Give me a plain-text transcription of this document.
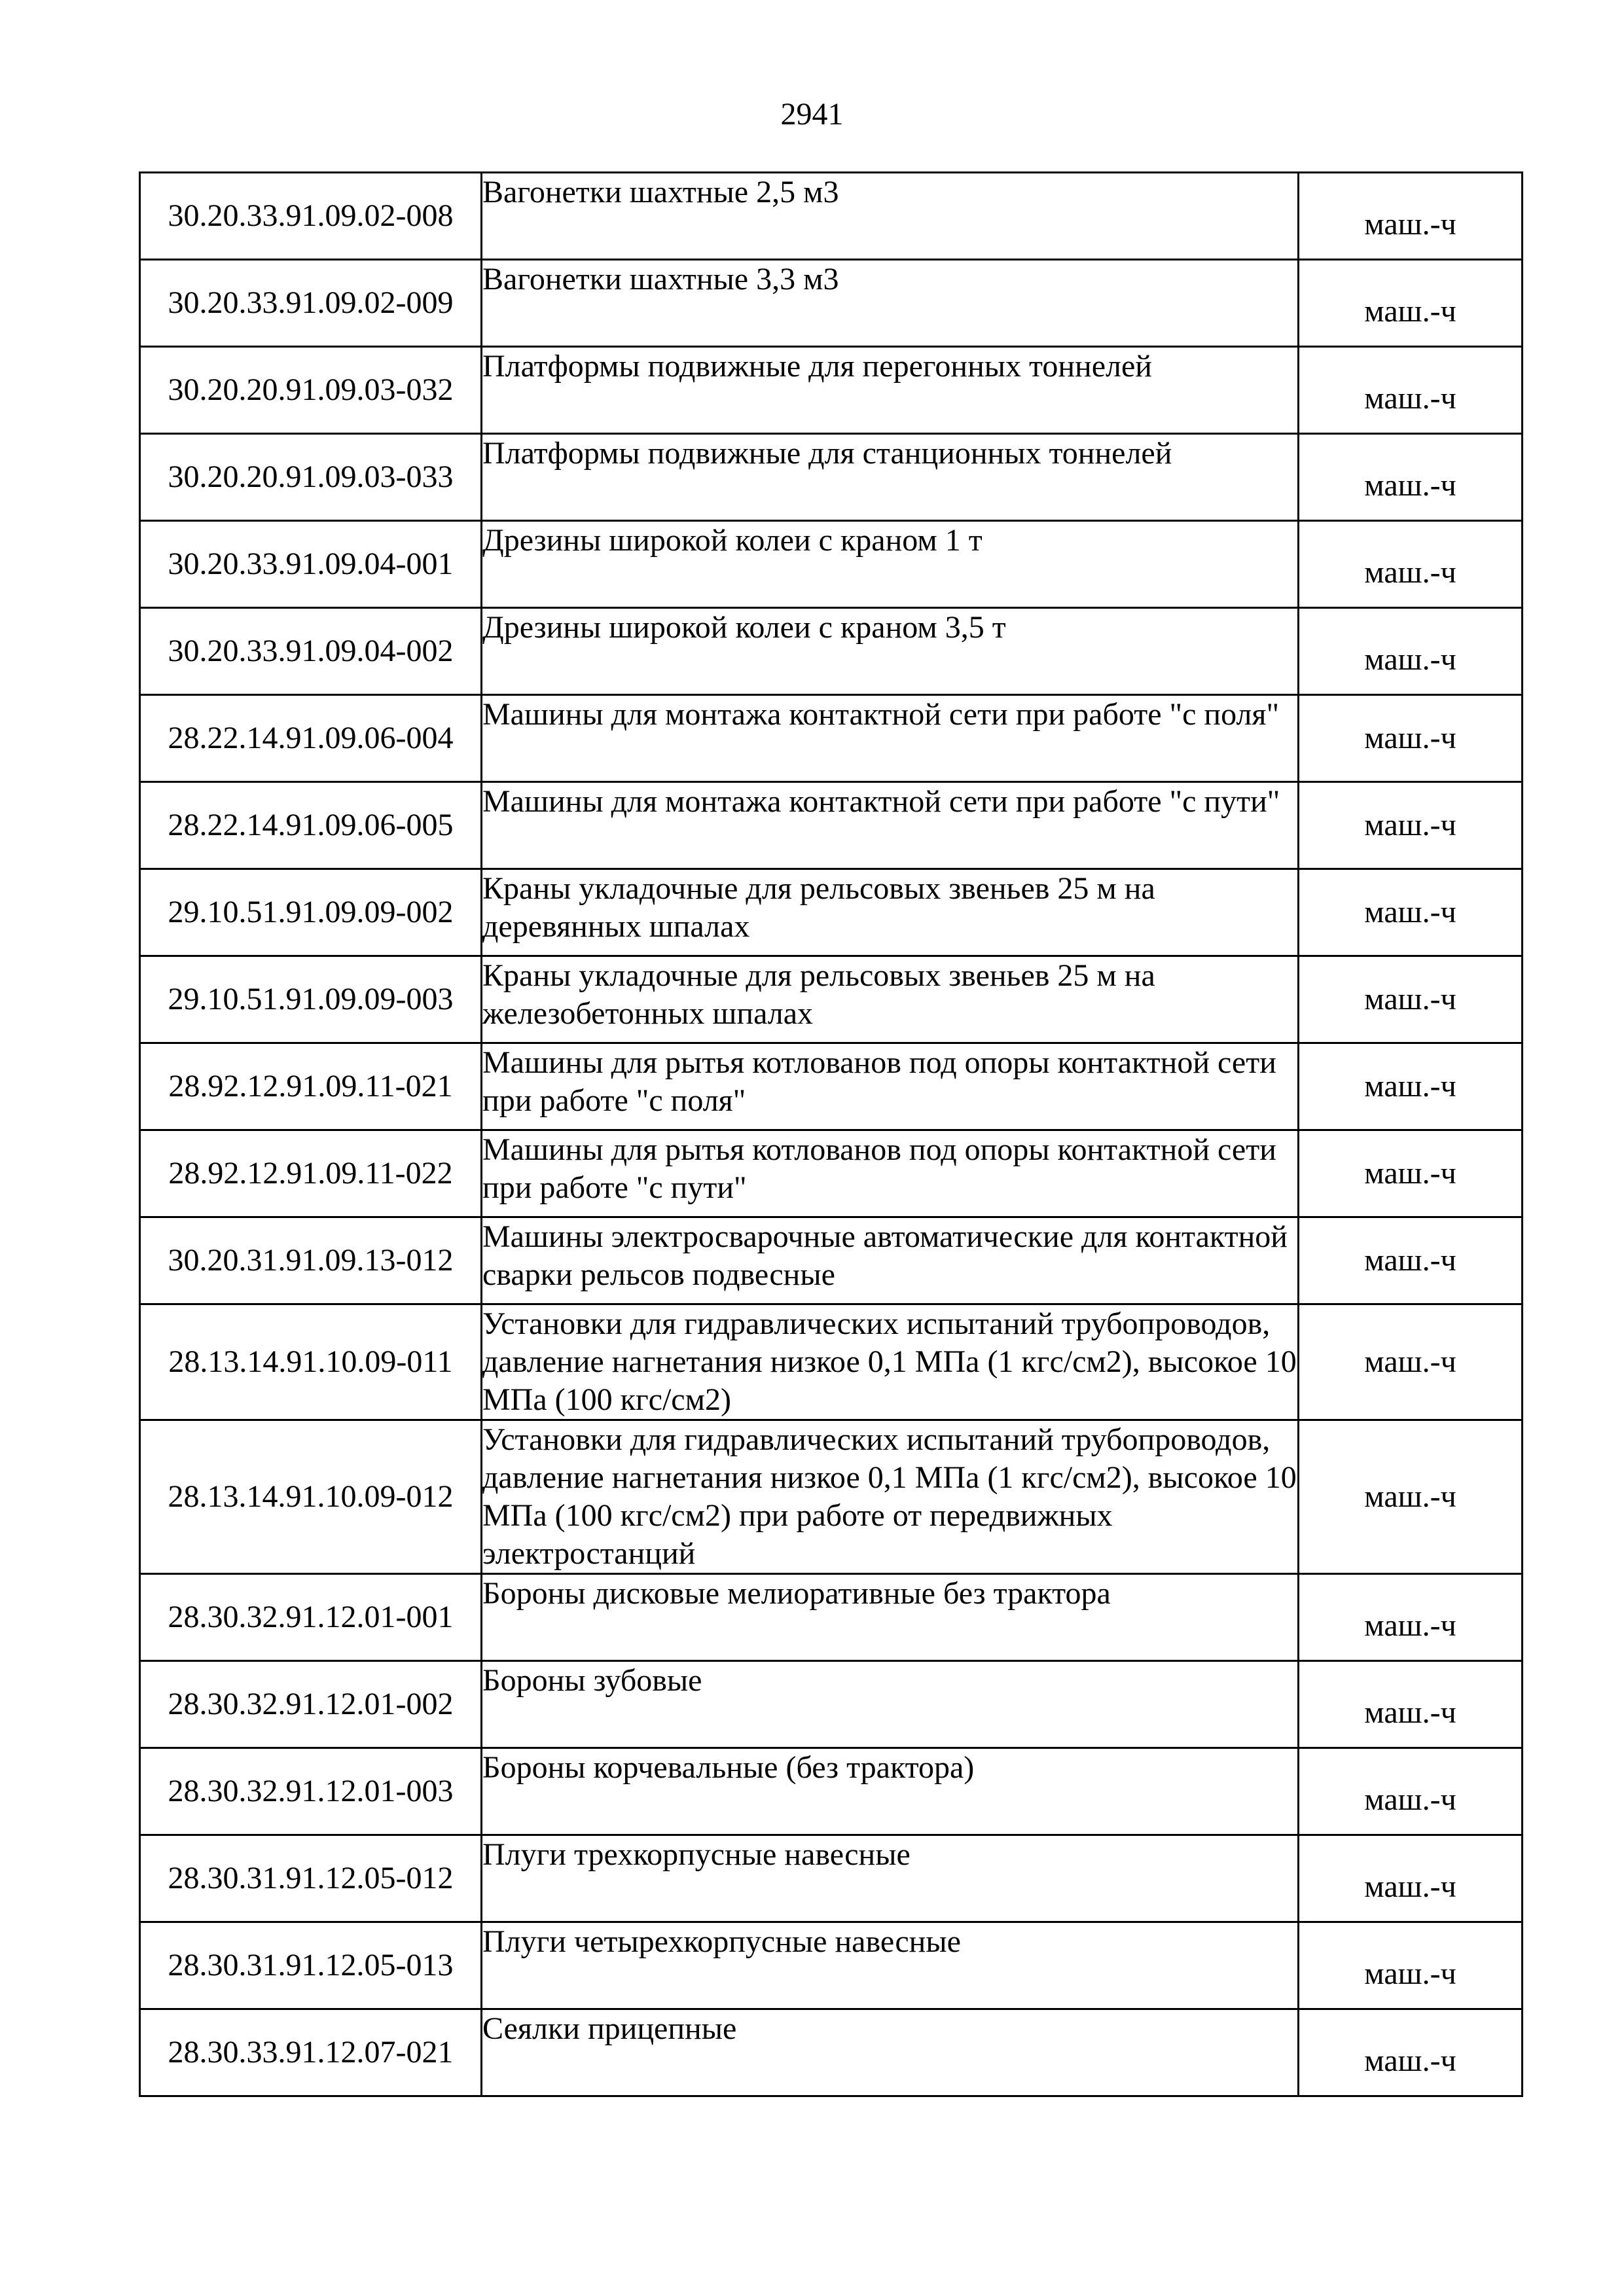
2941
30.20.33.91.09.02-008	Вагонетки шахтные 2,5 м3	маш.-ч
30.20.33.91.09.02-009	Вагонетки шахтные 3,3 м3	маш.-ч
30.20.20.91.09.03-032	Платформы подвижные для перегонных тоннелей	маш.-ч
30.20.20.91.09.03-033	Платформы подвижные для станционных тоннелей	маш.-ч
30.20.33.91.09.04-001	Дрезины широкой колеи с краном 1 т	маш.-ч
30.20.33.91.09.04-002	Дрезины широкой колеи с краном 3,5 т	маш.-ч
28.22.14.91.09.06-004	Машины для монтажа контактной сети при работе "с поля"	маш.-ч
28.22.14.91.09.06-005	Машины для монтажа контактной сети при работе "с пути"	маш.-ч
29.10.51.91.09.09-002	Краны укладочные для рельсовых звеньев 25 м на деревянных шпалах	маш.-ч
29.10.51.91.09.09-003	Краны укладочные для рельсовых звеньев 25 м на железобетонных шпалах	маш.-ч
28.92.12.91.09.11-021	Машины для рытья котлованов под опоры контактной сети при работе "с поля"	маш.-ч
28.92.12.91.09.11-022	Машины для рытья котлованов под опоры контактной сети при работе "с пути"	маш.-ч
30.20.31.91.09.13-012	Машины электросварочные автоматические для контактной сварки рельсов подвесные	маш.-ч
28.13.14.91.10.09-011	Установки для гидравлических испытаний трубопроводов, давление нагнетания низкое 0,1 МПа (1 кгс/см2), высокое 10 МПа (100 кгс/см2)	маш.-ч
28.13.14.91.10.09-012	Установки для гидравлических испытаний трубопроводов, давление нагнетания низкое 0,1 МПа (1 кгс/см2), высокое 10 МПа (100 кгс/см2) при работе от передвижных электростанций	маш.-ч
28.30.32.91.12.01-001	Бороны дисковые мелиоративные без трактора	маш.-ч
28.30.32.91.12.01-002	Бороны зубовые	маш.-ч
28.30.32.91.12.01-003	Бороны корчевальные (без трактора)	маш.-ч
28.30.31.91.12.05-012	Плуги трехкорпусные навесные	маш.-ч
28.30.31.91.12.05-013	Плуги четырехкорпусные навесные	маш.-ч
28.30.33.91.12.07-021	Сеялки прицепные	маш.-ч
